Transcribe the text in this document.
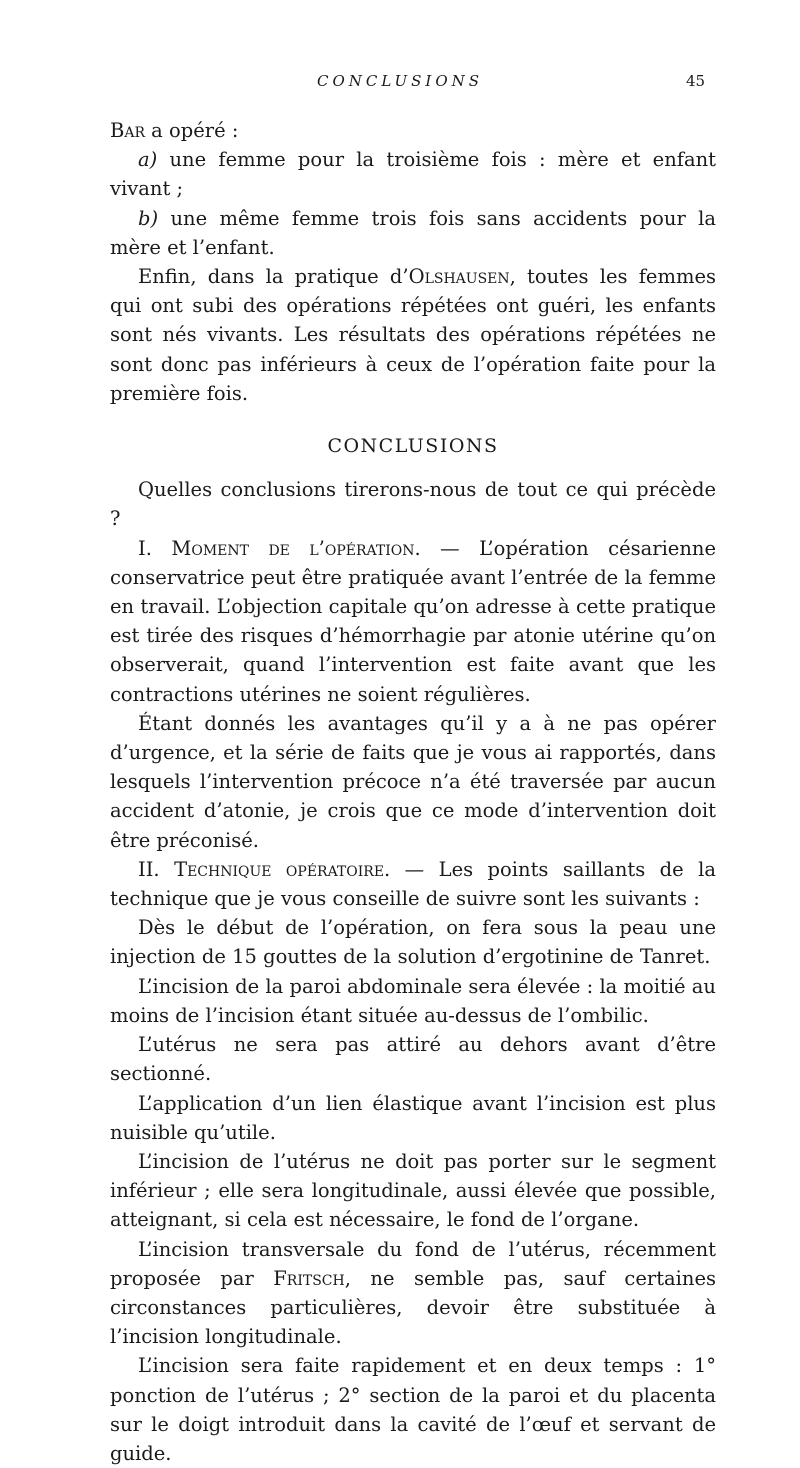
CONCLUSIONS	45

Bar a opéré :

a) une femme pour la troisième fois : mère et enfant vivant ;

b) une même femme trois fois sans accidents pour la mère et l’enfant.

Enfin, dans la pratique d’Olshausen, toutes les femmes qui ont subi des opérations répétées ont guéri, les enfants sont nés vivants. Les résultats des opérations répétées ne sont donc pas inférieurs à ceux de l’opération faite pour la première fois.

CONCLUSIONS

Quelles conclusions tirerons-nous de tout ce qui précède ?

I. Moment de l’opération. — L’opération césarienne conservatrice peut être pratiquée avant l’entrée de la femme en travail. L’objection capitale qu’on adresse à cette pratique est tirée des risques d’hémorrhagie par atonie utérine qu’on observerait, quand l’intervention est faite avant que les contractions utérines ne soient régulières.

Étant donnés les avantages qu’il y a à ne pas opérer d’urgence, et la série de faits que je vous ai rapportés, dans lesquels l’intervention précoce n’a été traversée par aucun accident d’atonie, je crois que ce mode d’intervention doit être préconisé.

II. Technique opératoire. — Les points saillants de la technique que je vous conseille de suivre sont les suivants :

Dès le début de l’opération, on fera sous la peau une injection de 15 gouttes de la solution d’ergotinine de Tanret.

L’incision de la paroi abdominale sera élevée : la moitié au moins de l’incision étant située au-dessus de l’ombilic.

L’utérus ne sera pas attiré au dehors avant d’être sectionné.

L’application d’un lien élastique avant l’incision est plus nuisible qu’utile.

L’incision de l’utérus ne doit pas porter sur le segment inférieur ; elle sera longitudinale, aussi élevée que possible, atteignant, si cela est nécessaire, le fond de l’organe.

L’incision transversale du fond de l’utérus, récemment proposée par Fritsch, ne semble pas, sauf certaines circonstances particulières, devoir être substituée à l’incision longitudinale.

L’incision sera faite rapidement et en deux temps : 1° ponction de l’utérus ; 2° section de la paroi et du placenta sur le doigt introduit dans la cavité de l’œuf et servant de guide.
